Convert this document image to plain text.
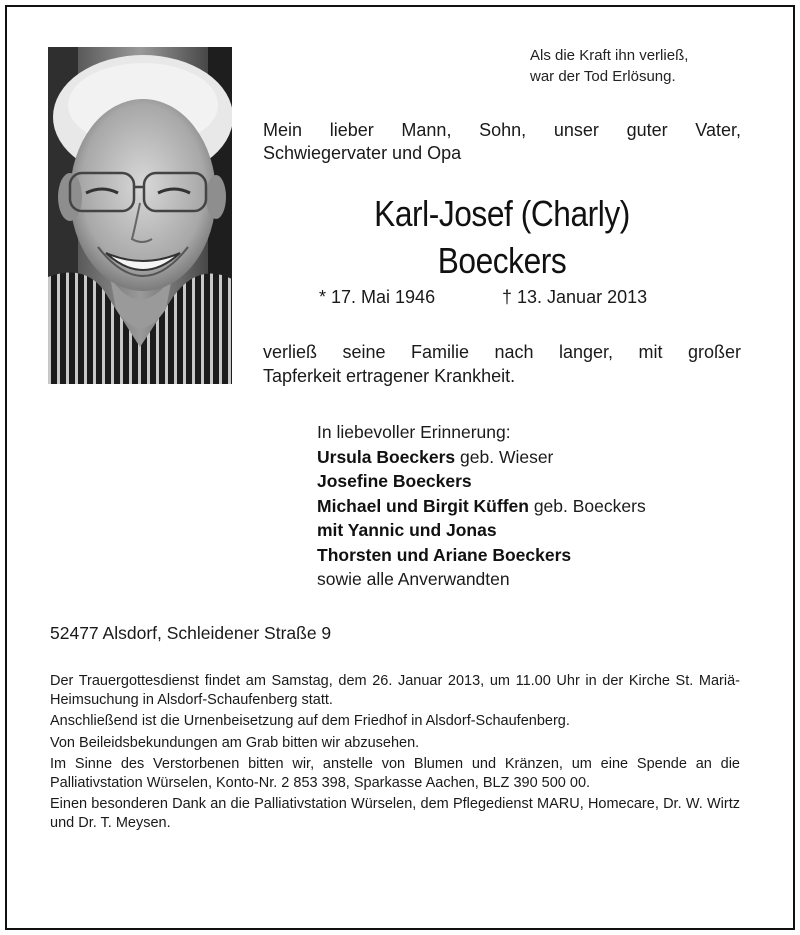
Als die Kraft ihn verließ,
war der Tod Erlösung.
Mein lieber Mann, Sohn, unser guter Vater,
Schwiegervater und Opa
Karl-Josef (Charly)
Boeckers
* 17. Mai 1946	† 13. Januar 2013
verließ seine Familie nach langer, mit großer
Tapferkeit ertragener Krankheit.
In liebevoller Erinnerung:
Ursula Boeckers geb. Wieser
Josefine Boeckers
Michael und Birgit Küffen geb. Boeckers
mit Yannic und Jonas
Thorsten und Ariane Boeckers
sowie alle Anverwandten
52477 Alsdorf, Schleidener Straße 9

Der Trauergottesdienst findet am Samstag, dem 26. Januar 2013, um 11.00 Uhr in der Kirche St. Mariä-Heimsuchung in Alsdorf-Schaufenberg statt.

Anschließend ist die Urnenbeisetzung auf dem Friedhof in Alsdorf-Schaufenberg.

Von Beileidsbekundungen am Grab bitten wir abzusehen.

Im Sinne des Verstorbenen bitten wir, anstelle von Blumen und Kränzen, um eine Spende an die Palliativstation Würselen, Konto-Nr. 2 853 398, Sparkasse Aachen, BLZ 390 500 00.

Einen besonderen Dank an die Palliativstation Würselen, dem Pflegedienst MARU, Homecare, Dr. W. Wirtz und Dr. T. Meysen.
